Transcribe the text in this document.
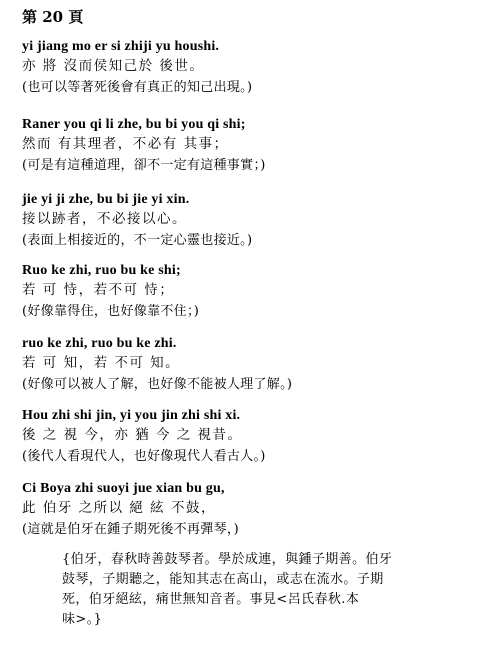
第 20 頁
yi jiang mo er si zhiji yu houshi.
亦 將 沒而侯知己於 後世。
(也可以等著死後會有真正的知己出現。)
Raner you qi li zhe, bu bi you qi shi;
然而 有其理者，不必有 其事；
(可是有這種道理，卻不一定有這種事實；)
jie yi ji zhe, bu bi jie yi xin.
接以跡者，不必接以心。
(表面上相接近的，不一定心靈也接近。)
Ruo ke zhi, ruo bu ke shi;
若 可 恃，若不可 恃；
(好像靠得住，也好像靠不住；)
ruo ke zhi, ruo bu ke zhi.
若 可 知，若 不可 知。
(好像可以被人了解，也好像不能被人理了解。)
Hou zhi shi jin, yi you jin zhi shi xi.
後 之 視 今，亦 猶 今 之 視昔。
(後代人看現代人，也好像現代人看古人。)
Ci Boya zhi suoyi jue xian bu gu,
此 伯牙 之所以 絕 絃 不鼓，
(這就是伯牙在鍾子期死後不再彈琴，)
{伯牙，春秋時善鼓琴者。學於成連，與鍾子期善。伯牙
鼓琴，子期聽之，能知其志在高山，或志在流水。子期
死，伯牙絕絃，痛世無知音者。事見<呂氏春秋.本
味>。}
